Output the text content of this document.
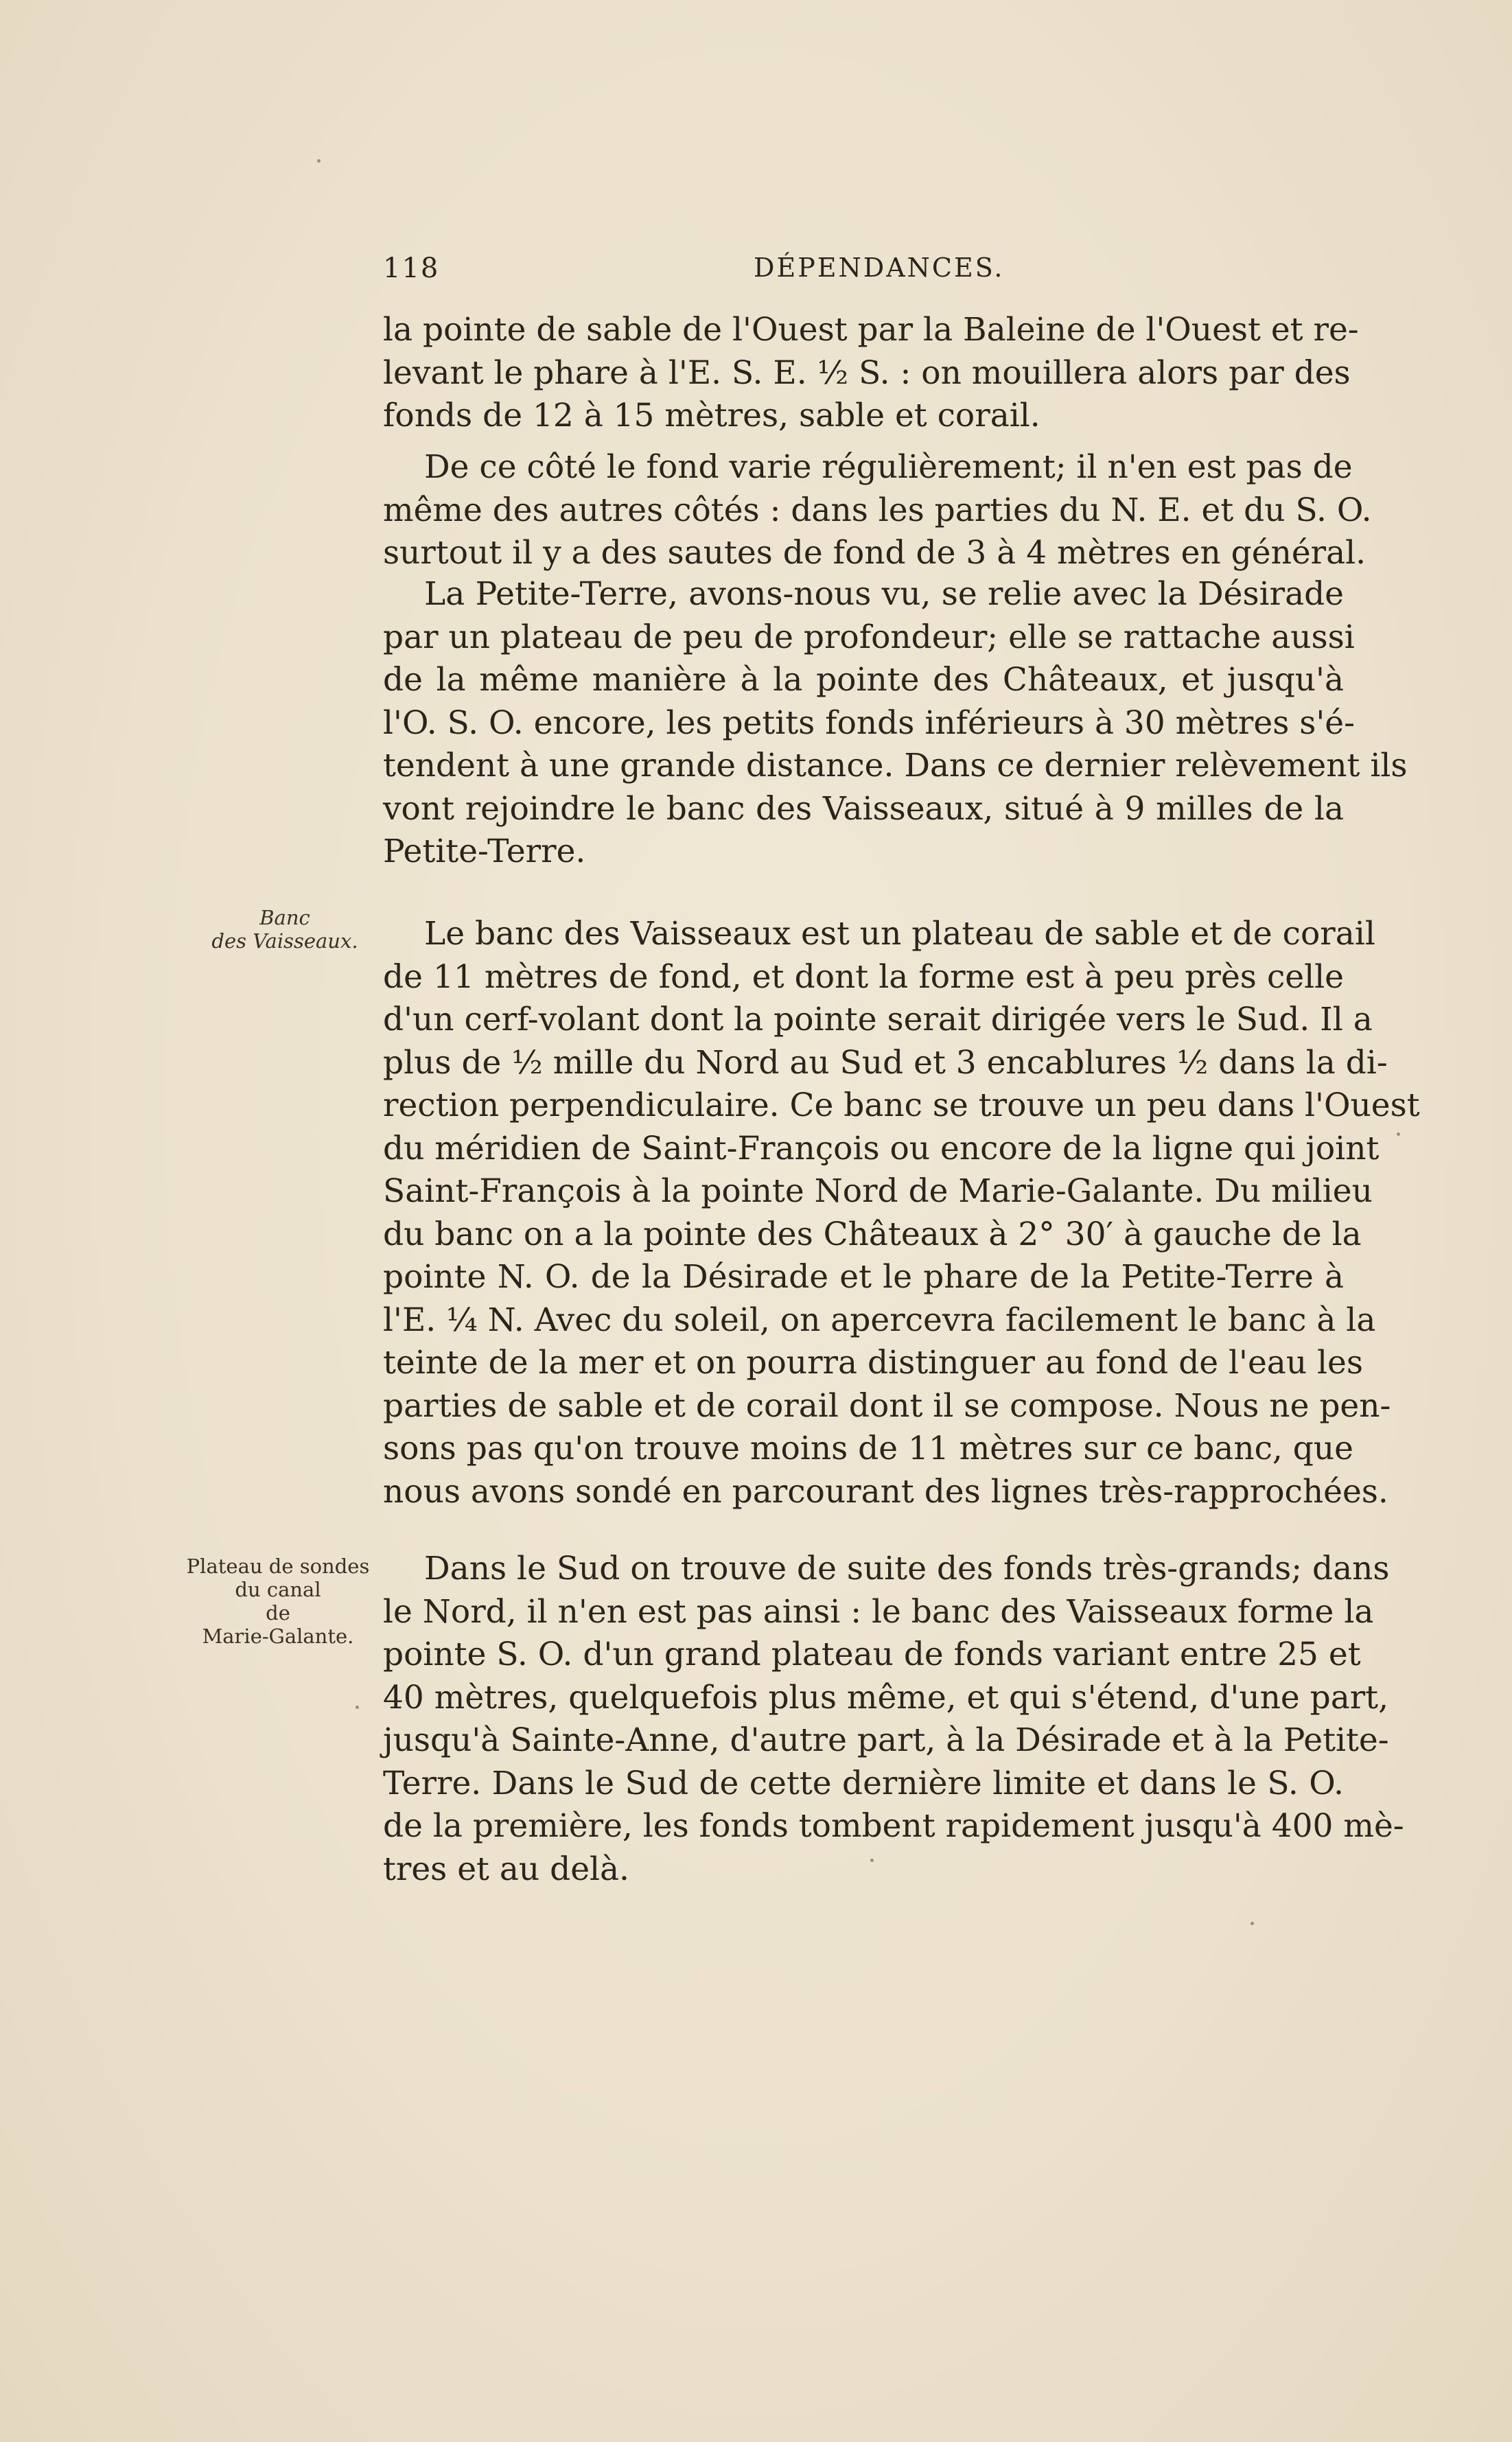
118	DÉPENDANCES.
la pointe de sable de l'Ouest par la Baleine de l'Ouest et re-
levant le phare à l'E. S. E. ½ S. : on mouillera alors par des
fonds de 12 à 15 mètres, sable et corail.
De ce côté le fond varie régulièrement; il n'en est pas de
même des autres côtés : dans les parties du N. E. et du S. O.
surtout il y a des sautes de fond de 3 à 4 mètres en général.
La Petite-Terre, avons-nous vu, se relie avec la Désirade
par un plateau de peu de profondeur; elle se rattache aussi
de la même manière à la pointe des Châteaux, et jusqu'à
l'O. S. O. encore, les petits fonds inférieurs à 30 mètres s'é-
tendent à une grande distance. Dans ce dernier relèvement ils
vont rejoindre le banc des Vaisseaux, situé à 9 milles de la
Petite-Terre.
Banc
des Vaisseaux.	Le banc des Vaisseaux est un plateau de sable et de corail
de 11 mètres de fond, et dont la forme est à peu près celle
d'un cerf-volant dont la pointe serait dirigée vers le Sud. Il a
plus de ½ mille du Nord au Sud et 3 encablures ½ dans la di-
rection perpendiculaire. Ce banc se trouve un peu dans l'Ouest
du méridien de Saint-François ou encore de la ligne qui joint
Saint-François à la pointe Nord de Marie-Galante. Du milieu
du banc on a la pointe des Châteaux à 2° 30′ à gauche de la
pointe N. O. de la Désirade et le phare de la Petite-Terre à
l'E. ¼ N. Avec du soleil, on apercevra facilement le banc à la
teinte de la mer et on pourra distinguer au fond de l'eau les
parties de sable et de corail dont il se compose. Nous ne pen-
sons pas qu'on trouve moins de 11 mètres sur ce banc, que
nous avons sondé en parcourant des lignes très-rapprochées.
Plateau de sondes
du canal
de
Marie-Galante.
Dans le Sud on trouve de suite des fonds très-grands; dans
le Nord, il n'en est pas ainsi : le banc des Vaisseaux forme la
pointe S. O. d'un grand plateau de fonds variant entre 25 et
40 mètres, quelquefois plus même, et qui s'étend, d'une part,
jusqu'à Sainte-Anne, d'autre part, à la Désirade et à la Petite-
Terre. Dans le Sud de cette dernière limite et dans le S. O.
de la première, les fonds tombent rapidement jusqu'à 400 mè-
tres et au delà.
